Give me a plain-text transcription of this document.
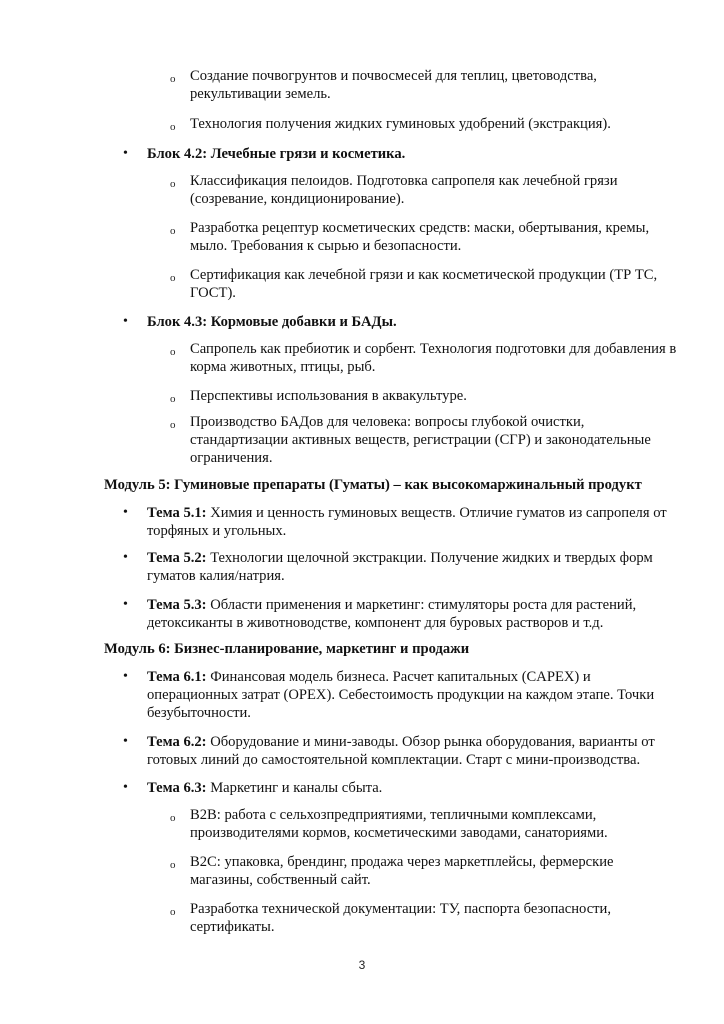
o Создание почвогрунтов и почвосмесей для теплиц, цветоводства, рекультивации земель.
o Технология получения жидких гуминовых удобрений (экстракция).
• Блок 4.2: Лечебные грязи и косметика.
o Классификация пелоидов. Подготовка сапропеля как лечебной грязи (созревание, кондиционирование).
o Разработка рецептур косметических средств: маски, обертывания, кремы, мыло. Требования к сырью и безопасности.
o Сертификация как лечебной грязи и как косметической продукции (ТР ТС, ГОСТ).
• Блок 4.3: Кормовые добавки и БАДы.
o Сапропель как пребиотик и сорбент. Технология подготовки для добавления в корма животных, птицы, рыб.
o Перспективы использования в аквакультуре.
o Производство БАДов для человека: вопросы глубокой очистки, стандартизации активных веществ, регистрации (СГР) и законодательные ограничения.
Модуль 5: Гуминовые препараты (Гуматы) – как высокомаржинальный продукт
• Тема 5.1: Химия и ценность гуминовых веществ. Отличие гуматов из сапропеля от торфяных и угольных.
• Тема 5.2: Технологии щелочной экстракции. Получение жидких и твердых форм гуматов калия/натрия.
• Тема 5.3: Области применения и маркетинг: стимуляторы роста для растений, детоксиканты в животноводстве, компонент для буровых растворов и т.д.
Модуль 6: Бизнес-планирование, маркетинг и продажи
• Тема 6.1: Финансовая модель бизнеса. Расчет капитальных (CAPEX) и операционных затрат (OPEX). Себестоимость продукции на каждом этапе. Точки безубыточности.
• Тема 6.2: Оборудование и мини-заводы. Обзор рынка оборудования, варианты от готовых линий до самостоятельной комплектации. Старт с мини-производства.
• Тема 6.3: Маркетинг и каналы сбыта.
o B2B: работа с сельхозпредприятиями, тепличными комплексами, производителями кормов, косметическими заводами, санаториями.
o B2C: упаковка, брендинг, продажа через маркетплейсы, фермерские магазины, собственный сайт.
o Разработка технической документации: ТУ, паспорта безопасности, сертификаты.
3
